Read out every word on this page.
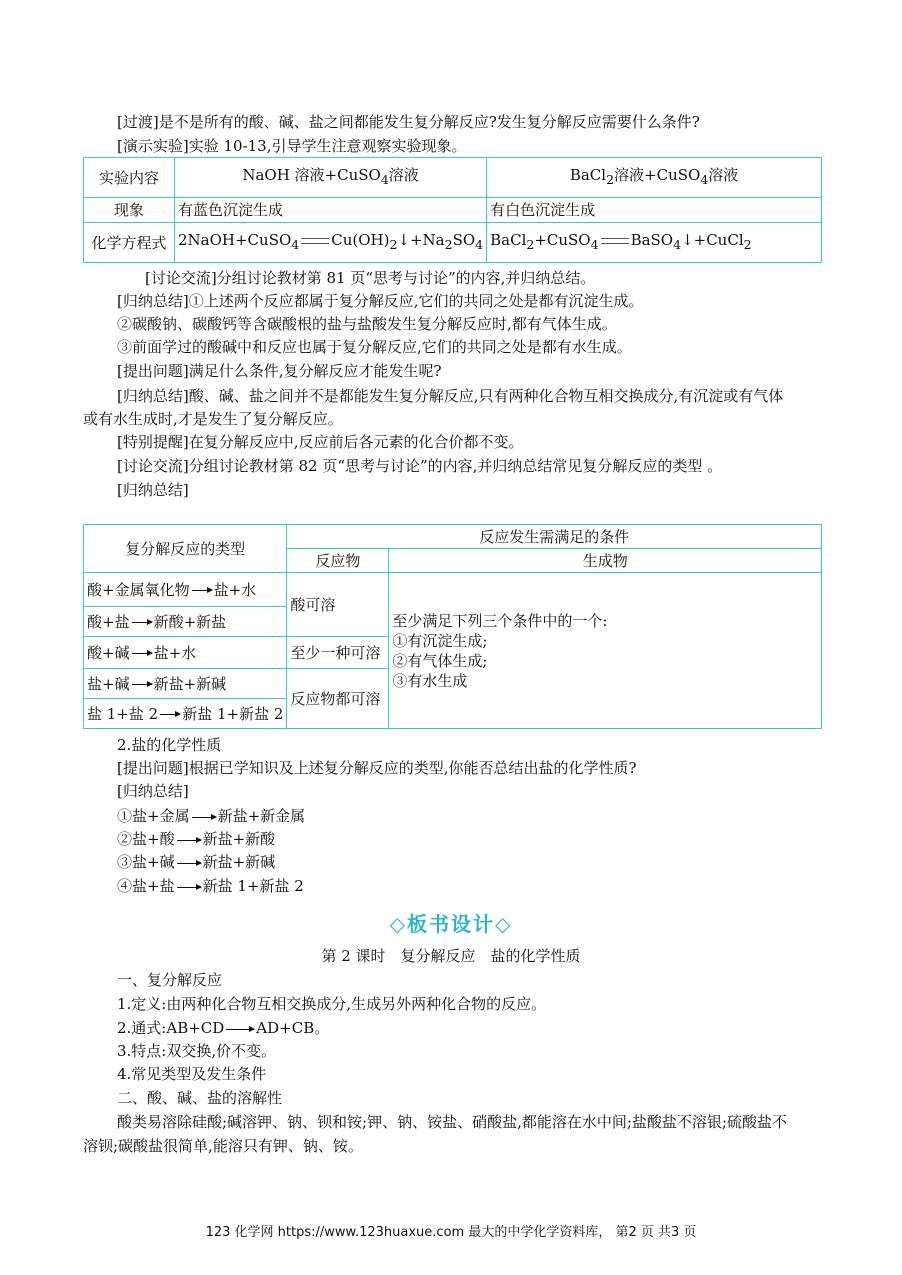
[过渡]是不是所有的酸、碱、盐之间都能发生复分解反应?发生复分解反应需要什么条件?
[演示实验]实验 10-13,引导学生注意观察实验现象。
实验内容	NaOH 溶液+CuSO$_4$溶液	BaCl$_2$溶液+CuSO$_4$溶液
现象	有蓝色沉淀生成	有白色沉淀生成
化学方程式	2NaOH+CuSO$_4$ $Cu(OH)_2↓+Na_2SO_4$	BaCl$_2$+CuSO$_4$ BaSO$_4$↓+CuCl$_2$
[讨论交流]分组讨论教材第 81 页“思考与讨论”的内容,并归纳总结。
[归纳总结]①上述两个反应都属于复分解反应,它们的共同之处是都有沉淀生成。
②碳酸钠、碳酸钙等含碳酸根的盐与盐酸发生复分解反应时,都有气体生成。
③前面学过的酸碱中和反应也属于复分解反应,它们的共同之处是都有水生成。
[提出问题]满足什么条件,复分解反应才能发生呢?
[归纳总结]酸、碱、盐之间并不是都能发生复分解反应,只有两种化合物互相交换成分,有沉淀或有气体
或有水生成时,才是发生了复分解反应。
[特别提醒]在复分解反应中,反应前后各元素的化合价都不变。
[讨论交流]分组讨论教材第 82 页“思考与讨论”的内容,并归纳总结常见复分解反应的类型 。
[归纳总结]
复分解反应的类型	反应发生需满足的条件	
	反应物	生成物
酸+金属氧化物 盐+水	酸可溶	至少满足下列三个条件中的一个:
①有沉淀生成;
②有气体生成;
③有水生成

酸+盐 新酸+新盐		
酸+碱 盐+水	至少一种可溶	
盐+碱 新盐+新碱	反应物都可溶	
盐 1+盐 2 新盐 1+新盐 2		
2.盐的化学性质
[提出问题]根据已学知识及上述复分解反应的类型,你能否总结出盐的化学性质?
[归纳总结]
①盐+金属 新盐+新金属
②盐+酸 新盐+新酸
③盐+碱 新盐+新碱
④盐+盐 新盐 1+新盐 2
◇板书设计◇
第 2 课时　复分解反应　盐的化学性质
一、复分解反应
1.定义:由两种化合物互相交换成分,生成另外两种化合物的反应。
2.通式:AB+CD AD+CB。
3.特点:双交换,价不变。
4.常见类型及发生条件
二、酸、碱、盐的溶解性
酸类易溶除硅酸;碱溶钾、钠、钡和铵;钾、钠、铵盐、硝酸盐,都能溶在水中间;盐酸盐不溶银;硫酸盐不
溶钡;碳酸盐很简单,能溶只有钾、钠、铵。
123 化学网 https://www.123huaxue.com 最大的中学化学资料库， 第2 页 共3 页
